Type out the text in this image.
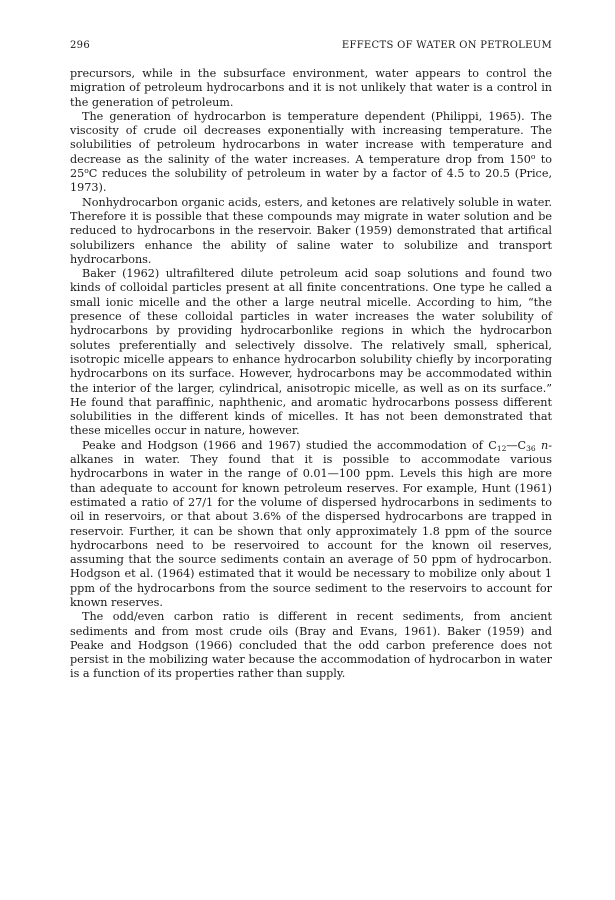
296	EFFECTS OF WATER ON PETROLEUM

precursors, while in the subsurface environment, water appears to control the migration of petroleum hydrocarbons and it is not unlikely that water is a control in the generation of petroleum.

The generation of hydrocarbon is temperature dependent (Philippi, 1965). The viscosity of crude oil decreases exponentially with increasing temperature. The solubilities of petroleum hydrocarbons in water increase with temperature and decrease as the salinity of the water increases. A temperature drop from 150$^o$ to 25$^o$C reduces the solubility of petroleum in water by a factor of 4.5 to 20.5 (Price, 1973).

Nonhydrocarbon organic acids, esters, and ketones are relatively soluble in water. Therefore it is possible that these compounds may migrate in water solution and be reduced to hydrocarbons in the reservoir. Baker (1959) demonstrated that artifical solubilizers enhance the ability of saline water to solubilize and transport hydrocarbons.

Baker (1962) ultrafiltered dilute petroleum acid soap solutions and found two kinds of colloidal particles present at all finite concentrations. One type he called a small ionic micelle and the other a large neutral micelle. According to him, “the presence of these colloidal particles in water increases the water solubility of hydrocarbons by providing hydrocarbonlike regions in which the hydrocarbon solutes preferentially and selectively dissolve. The relatively small, spherical, isotropic micelle appears to enhance hydrocarbon solubility chiefly by incorporating hydrocarbons on its surface. However, hydrocarbons may be accommodated within the interior of the larger, cylindrical, anisotropic micelle, as well as on its surface.” He found that paraffinic, naphthenic, and aromatic hydrocarbons possess different solubilities in the different kinds of micelles. It has not been demonstrated that these micelles occur in nature, however.

Peake and Hodgson (1966 and 1967) studied the accommodation of $C_{12}—C_{36}$ n-alkanes in water. They found that it is possible to accommodate various hydrocarbons in water in the range of 0.01—100 ppm. Levels this high are more than adequate to account for known petroleum reserves. For example, Hunt (1961) estimated a ratio of 27/1 for the volume of dispersed hydrocarbons in sediments to oil in reservoirs, or that about 3.6% of the dispersed hydrocarbons are trapped in reservoir. Further, it can be shown that only approximately 1.8 ppm of the source hydrocarbons need to be reservoired to account for the known oil reserves, assuming that the source sediments contain an average of 50 ppm of hydrocarbon. Hodgson et al. (1964) estimated that it would be necessary to mobilize only about 1 ppm of the hydrocarbons from the source sediment to the reservoirs to account for known reserves.

The odd/even carbon ratio is different in recent sediments, from ancient sediments and from most crude oils (Bray and Evans, 1961). Baker (1959) and Peake and Hodgson (1966) concluded that the odd carbon preference does not persist in the mobilizing water because the accommodation of hydrocarbon in water is a function of its properties rather than supply.
